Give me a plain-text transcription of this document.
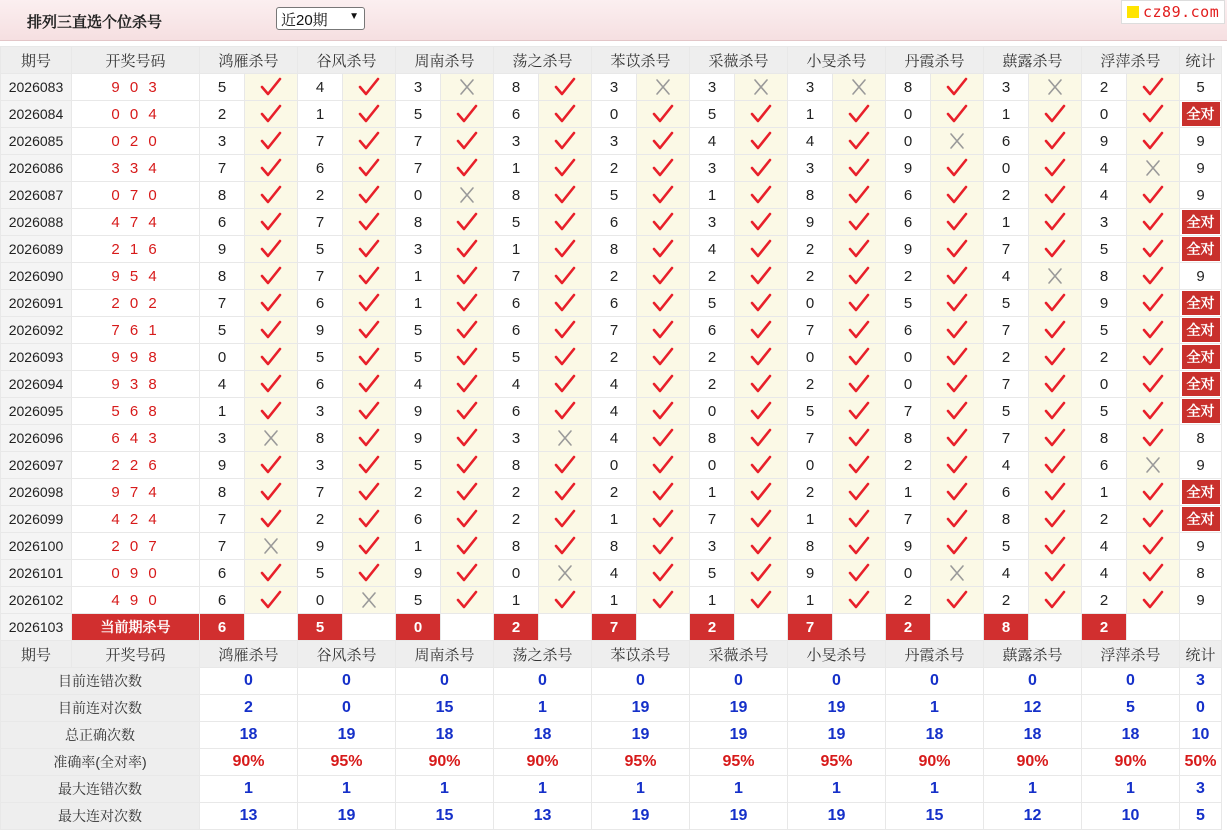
排列三直选个位杀号	近20期 ▼	cz89.com
期号	开奖号码	鸿雁杀号		谷风杀号		周南杀号		荡之杀号		苯苡杀号		采薇杀号		小旻杀号		丹霞杀号		蕻露杀号		浮萍杀号		统计
2026083	9 0 3	5		4		3		8		3		3		3		8		3		2		5
2026084	0 0 4	2		1		5		6		0		5		1		0		1		0		全对
2026085	0 2 0	3		7		7		3		3		4		4		0		6		9		9
2026086	3 3 4	7		6		7		1		2		3		3		9		0		4		9
2026087	0 7 0	8		2		0		8		5		1		8		6		2		4		9
2026088	4 7 4	6		7		8		5		6		3		9		6		1		3		全对
2026089	2 1 6	9		5		3		1		8		4		2		9		7		5		全对
2026090	9 5 4	8		7		1		7		2		2		2		2		4		8		9
2026091	2 0 2	7		6		1		6		6		5		0		5		5		9		全对
2026092	7 6 1	5		9		5		6		7		6		7		6		7		5		全对
2026093	9 9 8	0		5		5		5		2		2		0		0		2		2		全对
2026094	9 3 8	4		6		4		4		4		2		2		0		7		0		全对
2026095	5 6 8	1		3		9		6		4		0		5		7		5		5		全对
2026096	6 4 3	3		8		9		3		4		8		7		8		7		8		8
2026097	2 2 6	9		3		5		8		0		0		0		2		4		6		9
2026098	9 7 4	8		7		2		2		2		1		2		1		6		1		全对
2026099	4 2 4	7		2		6		2		1		7		1		7		8		2		全对
2026100	2 0 7	7		9		1		8		8		3		8		9		5		4		9
2026101	0 9 0	6		5		9		0		4		5		9		0		4		4		8
2026102	4 9 0	6		0		5		1		1		1		1		2		2		2		9
2026103	当前期杀号	6		5		0		2		7		2		7		2		8		2		
期号	开奖号码	鸿雁杀号		谷风杀号		周南杀号		荡之杀号		苯苡杀号		采薇杀号		小旻杀号		丹霞杀号		蕻露杀号		浮萍杀号		统计
目前连错次数		0		0		0		0		0		0		0		0		0		0		3
目前连对次数		2		0		15		1		19		19		19		1		12		5		0
总正确次数		18		19		18		18		19		19		19		18		18		18		10
准确率(全对率)		90%		95%		90%		90%		95%		95%		95%		90%		90%		90%		50%
最大连错次数		1		1		1		1		1		1		1		1		1		1		3
最大连对次数		13		19		15		13		19		19		19		15		12		10		5
